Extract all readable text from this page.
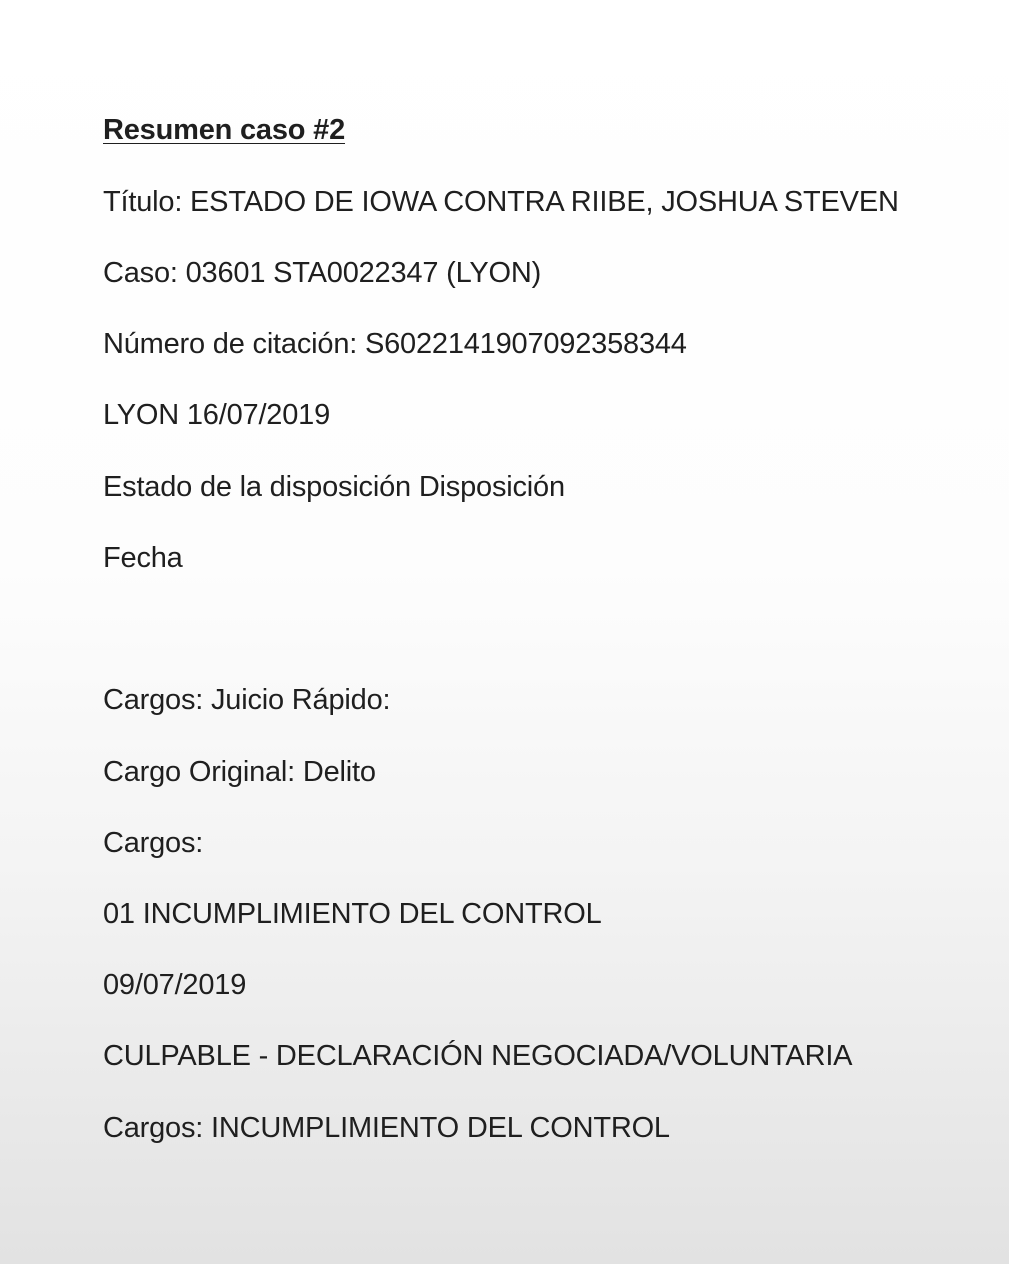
Resumen caso #2
Título: ESTADO DE IOWA CONTRA RIIBE, JOSHUA STEVEN
Caso: 03601 STA0022347 (LYON)
Número de citación: S602214190709235834​4
LYON 16/07/2019
Estado de la disposición Disposición
Fecha
Cargos: Juicio Rápido:
Cargo Original: Delito
Cargos:
01 INCUMPLIMIENTO DEL CONTROL
09/07/2019
CULPABLE - DECLARACIÓN NEGOCIADA/VOLUNTARIA
Cargos: INCUMPLIMIENTO DEL CONTROL
